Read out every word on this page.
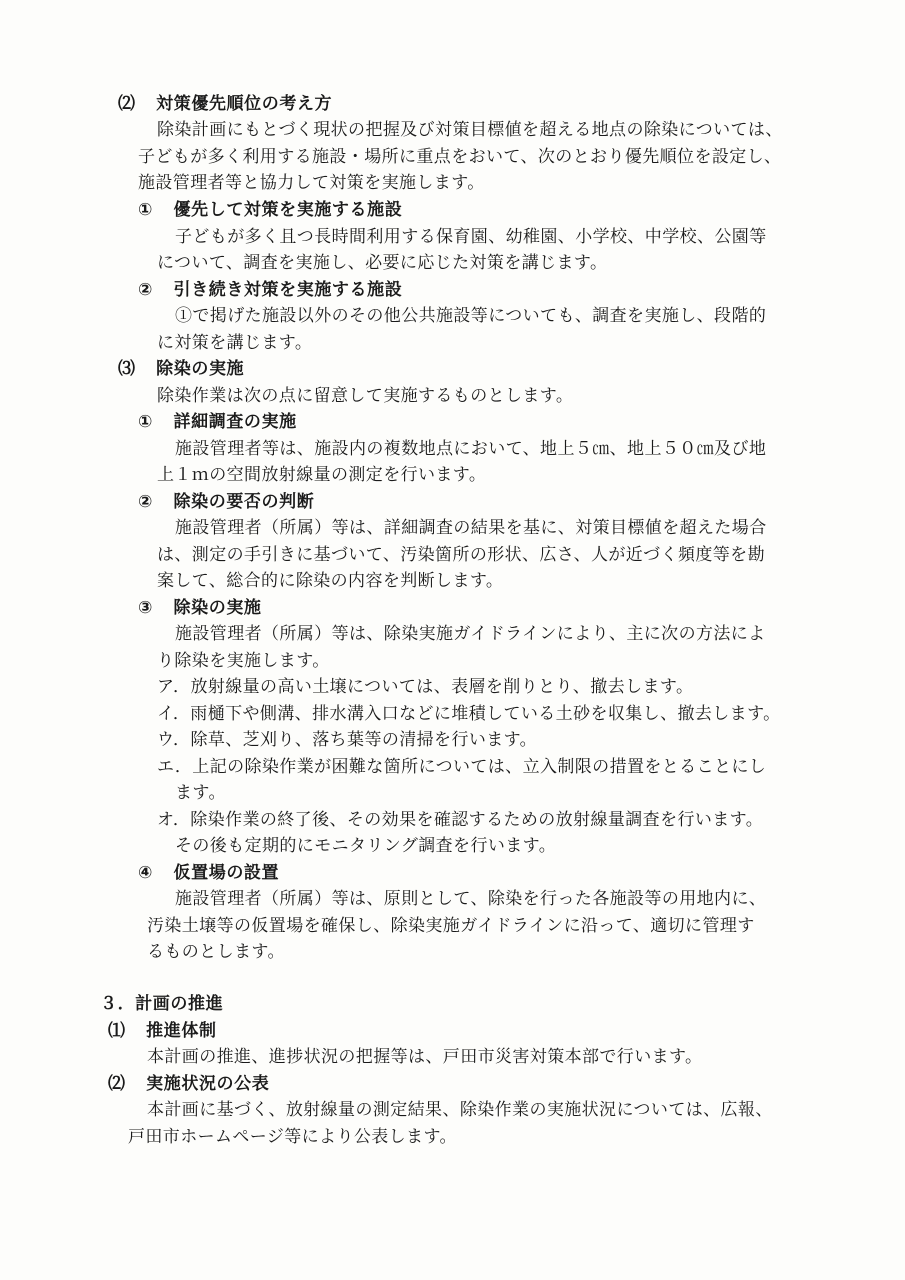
⑵ 対策優先順位の考え方
除染計画にもとづく現状の把握及び対策目標値を超える地点の除染については、
子どもが多く利用する施設・場所に重点をおいて、次のとおり優先順位を設定し、
施設管理者等と協力して対策を実施します。
① 優先して対策を実施する施設
子どもが多く且つ長時間利用する保育園、幼稚園、小学校、中学校、公園等
について、調査を実施し、必要に応じた対策を講じます。
② 引き続き対策を実施する施設
①で掲げた施設以外のその他公共施設等についても、調査を実施し、段階的
に対策を講じます。
⑶ 除染の実施
除染作業は次の点に留意して実施するものとします。
① 詳細調査の実施
施設管理者等は、施設内の複数地点において、地上５㎝、地上５０㎝及び地
上１ｍの空間放射線量の測定を行います。
② 除染の要否の判断
施設管理者（所属）等は、詳細調査の結果を基に、対策目標値を超えた場合
は、測定の手引きに基づいて、汚染箇所の形状、広さ、人が近づく頻度等を勘
案して、総合的に除染の内容を判断します。
③ 除染の実施
施設管理者（所属）等は、除染実施ガイドラインにより、主に次の方法によ
り除染を実施します。
ア．放射線量の高い土壌については、表層を削りとり、撤去します。
イ．雨樋下や側溝、排水溝入口などに堆積している土砂を収集し、撤去します。
ウ．除草、芝刈り、落ち葉等の清掃を行います。
エ．上記の除染作業が困難な箇所については、立入制限の措置をとることにし
ます。
オ．除染作業の終了後、その効果を確認するための放射線量調査を行います。
その後も定期的にモニタリング調査を行います。
④ 仮置場の設置
施設管理者（所属）等は、原則として、除染を行った各施設等の用地内に、
汚染土壌等の仮置場を確保し、除染実施ガイドラインに沿って、適切に管理す
るものとします。
３．計画の推進
⑴ 推進体制
本計画の推進、進捗状況の把握等は、戸田市災害対策本部で行います。
⑵ 実施状況の公表
本計画に基づく、放射線量の測定結果、除染作業の実施状況については、広報、
戸田市ホームページ等により公表します。
